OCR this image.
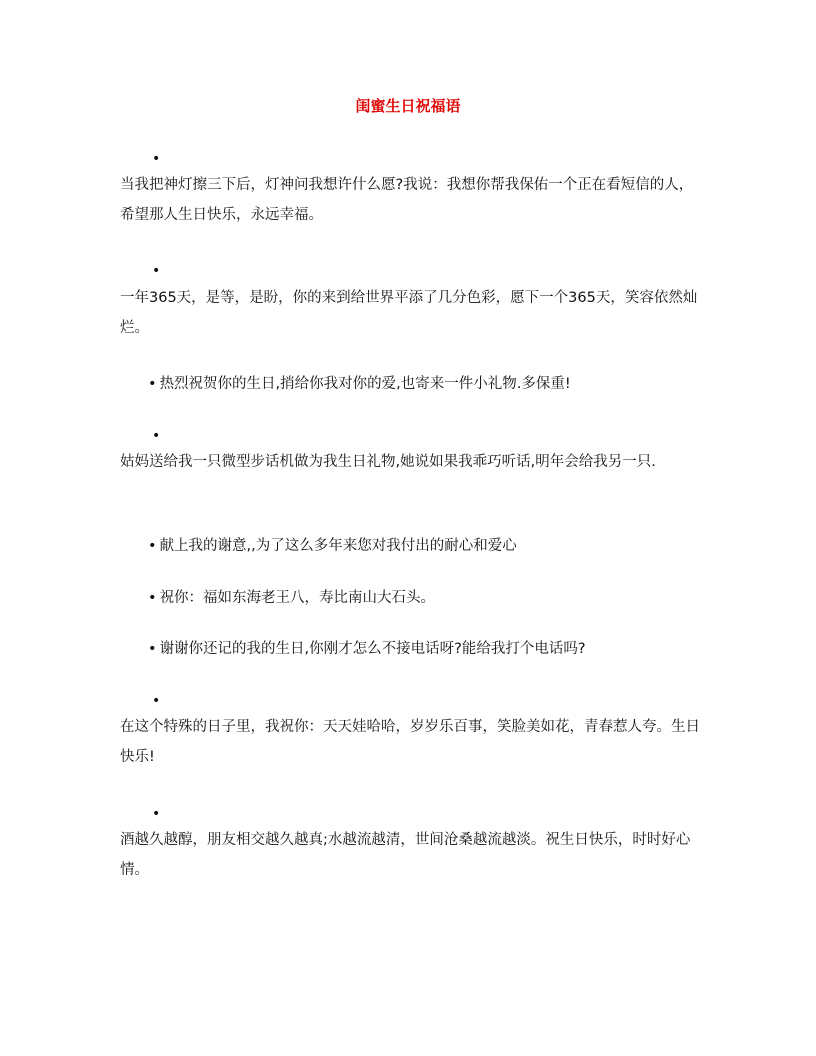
闺蜜生日祝福语
•
当我把神灯擦三下后，灯神问我想许什么愿?我说：我想你帮我保佑一个正在看短信的人，希望那人生日快乐，永远幸福。
•
一年365天，是等，是盼，你的来到给世界平添了几分色彩，愿下一个365天，笑容依然灿烂。
• 热烈祝贺你的生日,捎给你我对你的爱,也寄来一件小礼物.多保重!
•
姑妈送给我一只微型步话机做为我生日礼物,她说如果我乖巧听话,明年会给我另一只.
• 献上我的谢意,,为了这么多年来您对我付出的耐心和爱心
• 祝你：福如东海老王八，寿比南山大石头。
• 谢谢你还记的我的生日,你刚才怎么不接电话呀?能给我打个电话吗?
•
在这个特殊的日子里，我祝你：天天娃哈哈，岁岁乐百事，笑脸美如花，青春惹人夸。生日快乐!
•
酒越久越醇，朋友相交越久越真;水越流越清，世间沧桑越流越淡。祝生日快乐，时时好心情。
